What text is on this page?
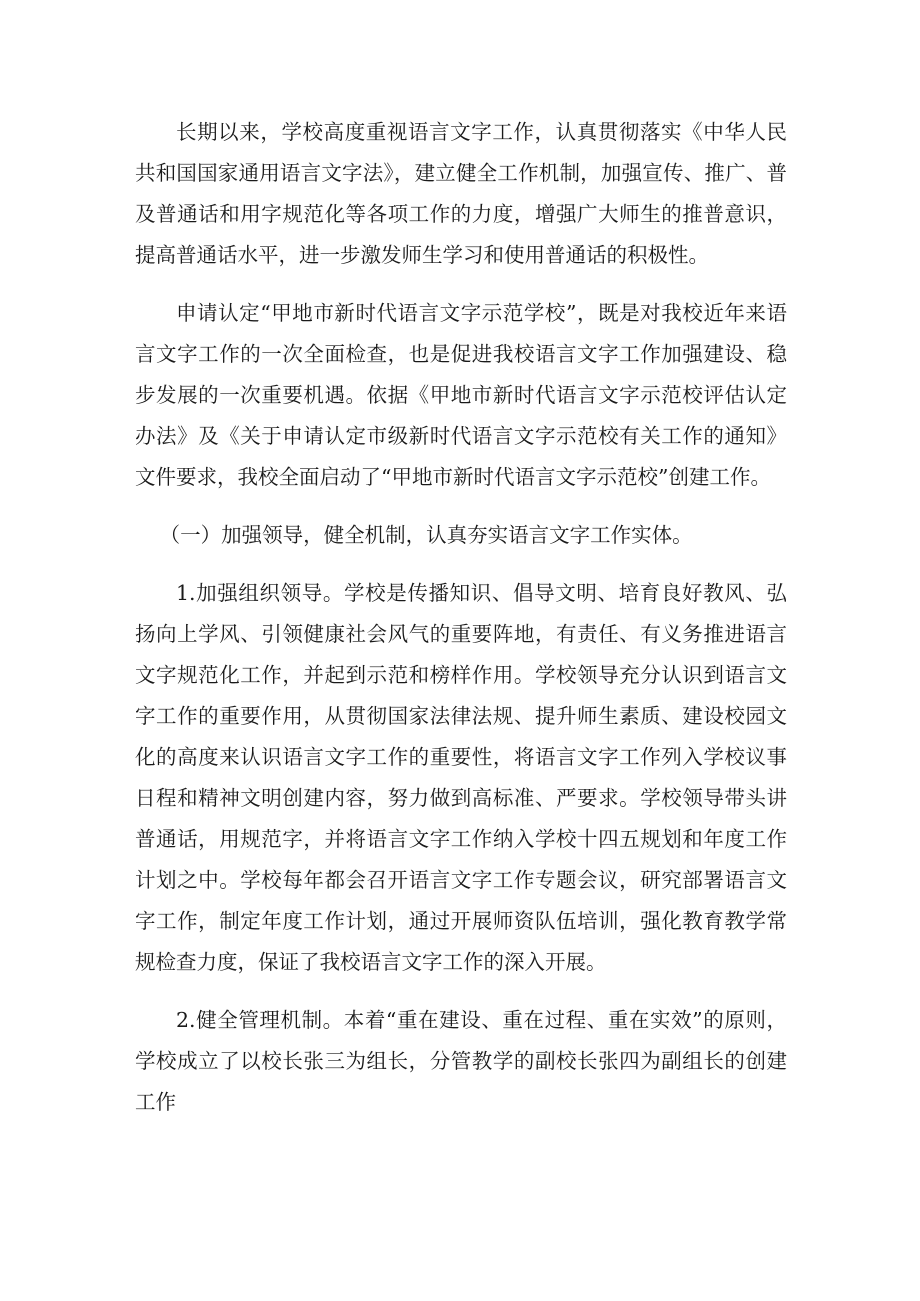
长期以来，学校高度重视语言文字工作，认真贯彻落实《中华人民共和国国家通用语言文字法》，建立健全工作机制，加强宣传、推广、普及普通话和用字规范化等各项工作的力度，增强广大师生的推普意识，提高普通话水平，进一步激发师生学习和使用普通话的积极性。

申请认定“甲地市新时代语言文字示范学校”，既是对我校近年来语言文字工作的一次全面检查，也是促进我校语言文字工作加强建设、稳步发展的一次重要机遇。依据《甲地市新时代语言文字示范校评估认定办法》及《关于申请认定市级新时代语言文字示范校有关工作的通知》文件要求，我校全面启动了“甲地市新时代语言文字示范校”创建工作。

（一）加强领导，健全机制，认真夯实语言文字工作实体。

1.加强组织领导。学校是传播知识、倡导文明、培育良好教风、弘扬向上学风、引领健康社会风气的重要阵地，有责任、有义务推进语言文字规范化工作，并起到示范和榜样作用。学校领导充分认识到语言文字工作的重要作用，从贯彻国家法律法规、提升师生素质、建设校园文化的高度来认识语言文字工作的重要性，将语言文字工作列入学校议事日程和精神文明创建内容，努力做到高标准、严要求。学校领导带头讲普通话，用规范字，并将语言文字工作纳入学校十四五规划和年度工作计划之中。学校每年都会召开语言文字工作专题会议，研究部署语言文字工作，制定年度工作计划，通过开展师资队伍培训，强化教育教学常规检查力度，保证了我校语言文字工作的深入开展。

2.健全管理机制。本着“重在建设、重在过程、重在实效”的原则，学校成立了以校长张三为组长，分管教学的副校长张四为副组长的创建工作
